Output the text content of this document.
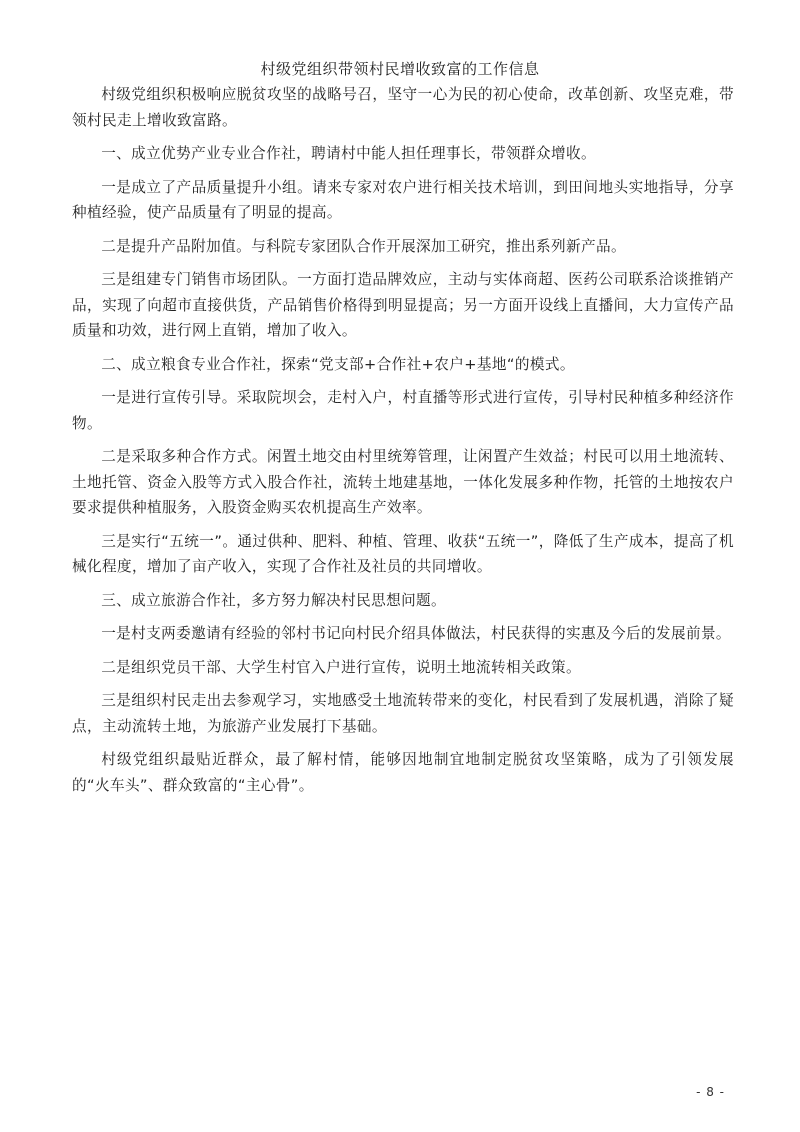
村级党组织带领村民增收致富的工作信息

村级党组织积极响应脱贫攻坚的战略号召，坚守一心为民的初心使命，改革创新、攻坚克难，带领村民走上增收致富路。

一、成立优势产业专业合作社，聘请村中能人担任理事长，带领群众增收。

一是成立了产品质量提升小组。请来专家对农户进行相关技术培训，到田间地头实地指导，分享种植经验，使产品质量有了明显的提高。

二是提升产品附加值。与科院专家团队合作开展深加工研究，推出系列新产品。

三是组建专门销售市场团队。一方面打造品牌效应，主动与实体商超、医药公司联系洽谈推销产品，实现了向超市直接供货，产品销售价格得到明显提高；另一方面开设线上直播间，大力宣传产品质量和功效，进行网上直销，增加了收入。

二、成立粮食专业合作社，探索“党支部+合作社+农户+基地“的模式。

一是进行宣传引导。采取院坝会，走村入户，村直播等形式进行宣传，引导村民种植多种经济作物。

二是采取多种合作方式。闲置土地交由村里统筹管理，让闲置产生效益；村民可以用土地流转、土地托管、资金入股等方式入股合作社，流转土地建基地，一体化发展多种作物，托管的土地按农户要求提供种植服务，入股资金购买农机提高生产效率。

三是实行“五统一”。通过供种、肥料、种植、管理、收获“五统一”，降低了生产成本，提高了机械化程度，增加了亩产收入，实现了合作社及社员的共同增收。

三、成立旅游合作社，多方努力解决村民思想问题。

一是村支两委邀请有经验的邻村书记向村民介绍具体做法，村民获得的实惠及今后的发展前景。

二是组织党员干部、大学生村官入户进行宣传，说明土地流转相关政策。

三是组织村民走出去参观学习，实地感受土地流转带来的变化，村民看到了发展机遇，消除了疑点，主动流转土地，为旅游产业发展打下基础。

村级党组织最贴近群众，最了解村情，能够因地制宜地制定脱贫攻坚策略，成为了引领发展的“火车头”、群众致富的“主心骨”。

- 8 -
